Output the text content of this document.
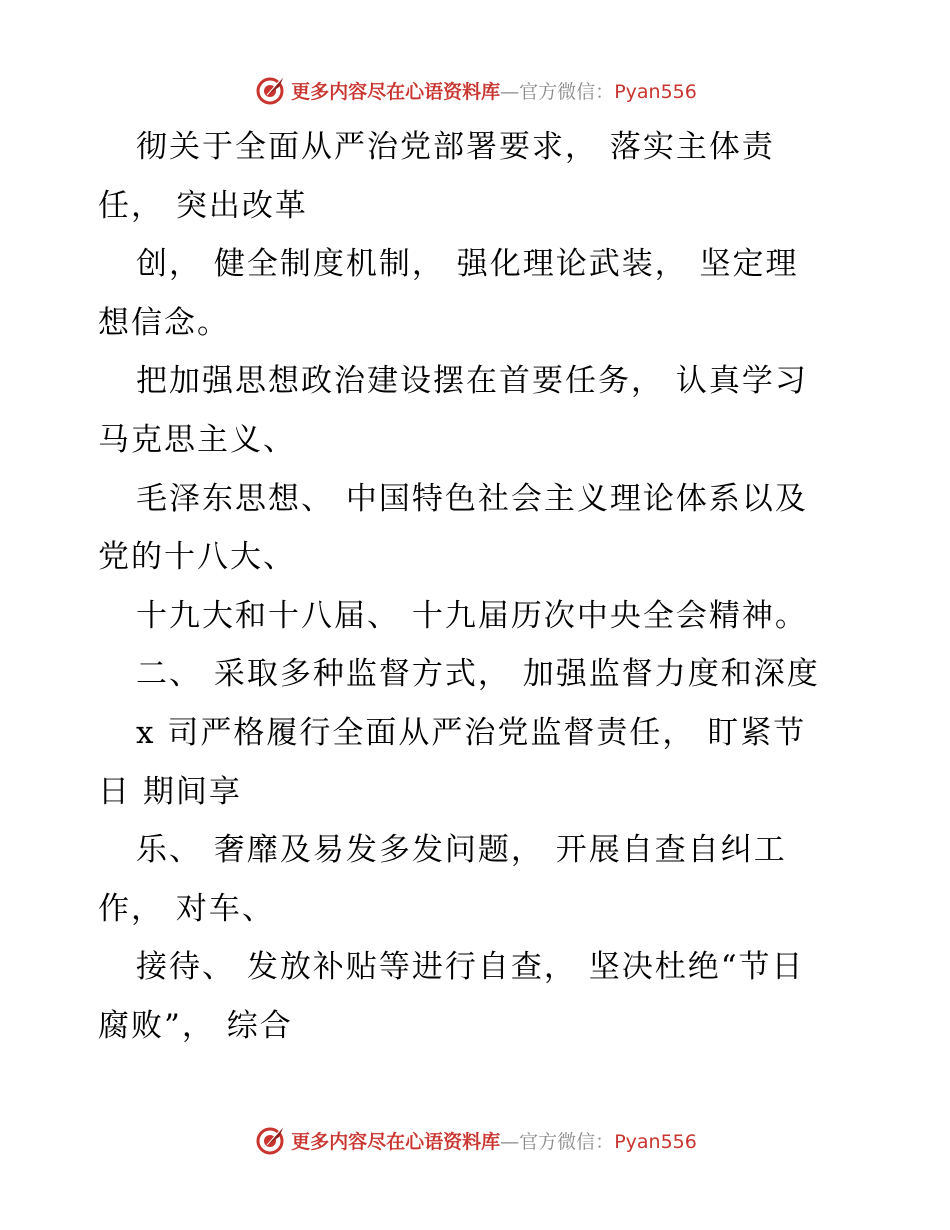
更多内容尽在心语资料库—官方微信：Pyan556
彻关于全面从严治党部署要求， 落实主体责
任， 突出改革
创， 健全制度机制， 强化理论武装， 坚定理
想信念。
把加强思想政治建设摆在首要任务， 认真学习
马克思主义、
毛泽东思想、 中国特色社会主义理论体系以及
党的十八大、
十九大和十八届、 十九届历次中央全会精神。
二、 采取多种监督方式， 加强监督力度和深度
x 司严格履行全面从严治党监督责任， 盯紧节
日 期间享
乐、 奢靡及易发多发问题， 开展自查自纠工
作， 对车、
接待、 发放补贴等进行自查， 坚决杜绝“节日
腐败”， 综合
更多内容尽在心语资料库—官方微信：Pyan556
